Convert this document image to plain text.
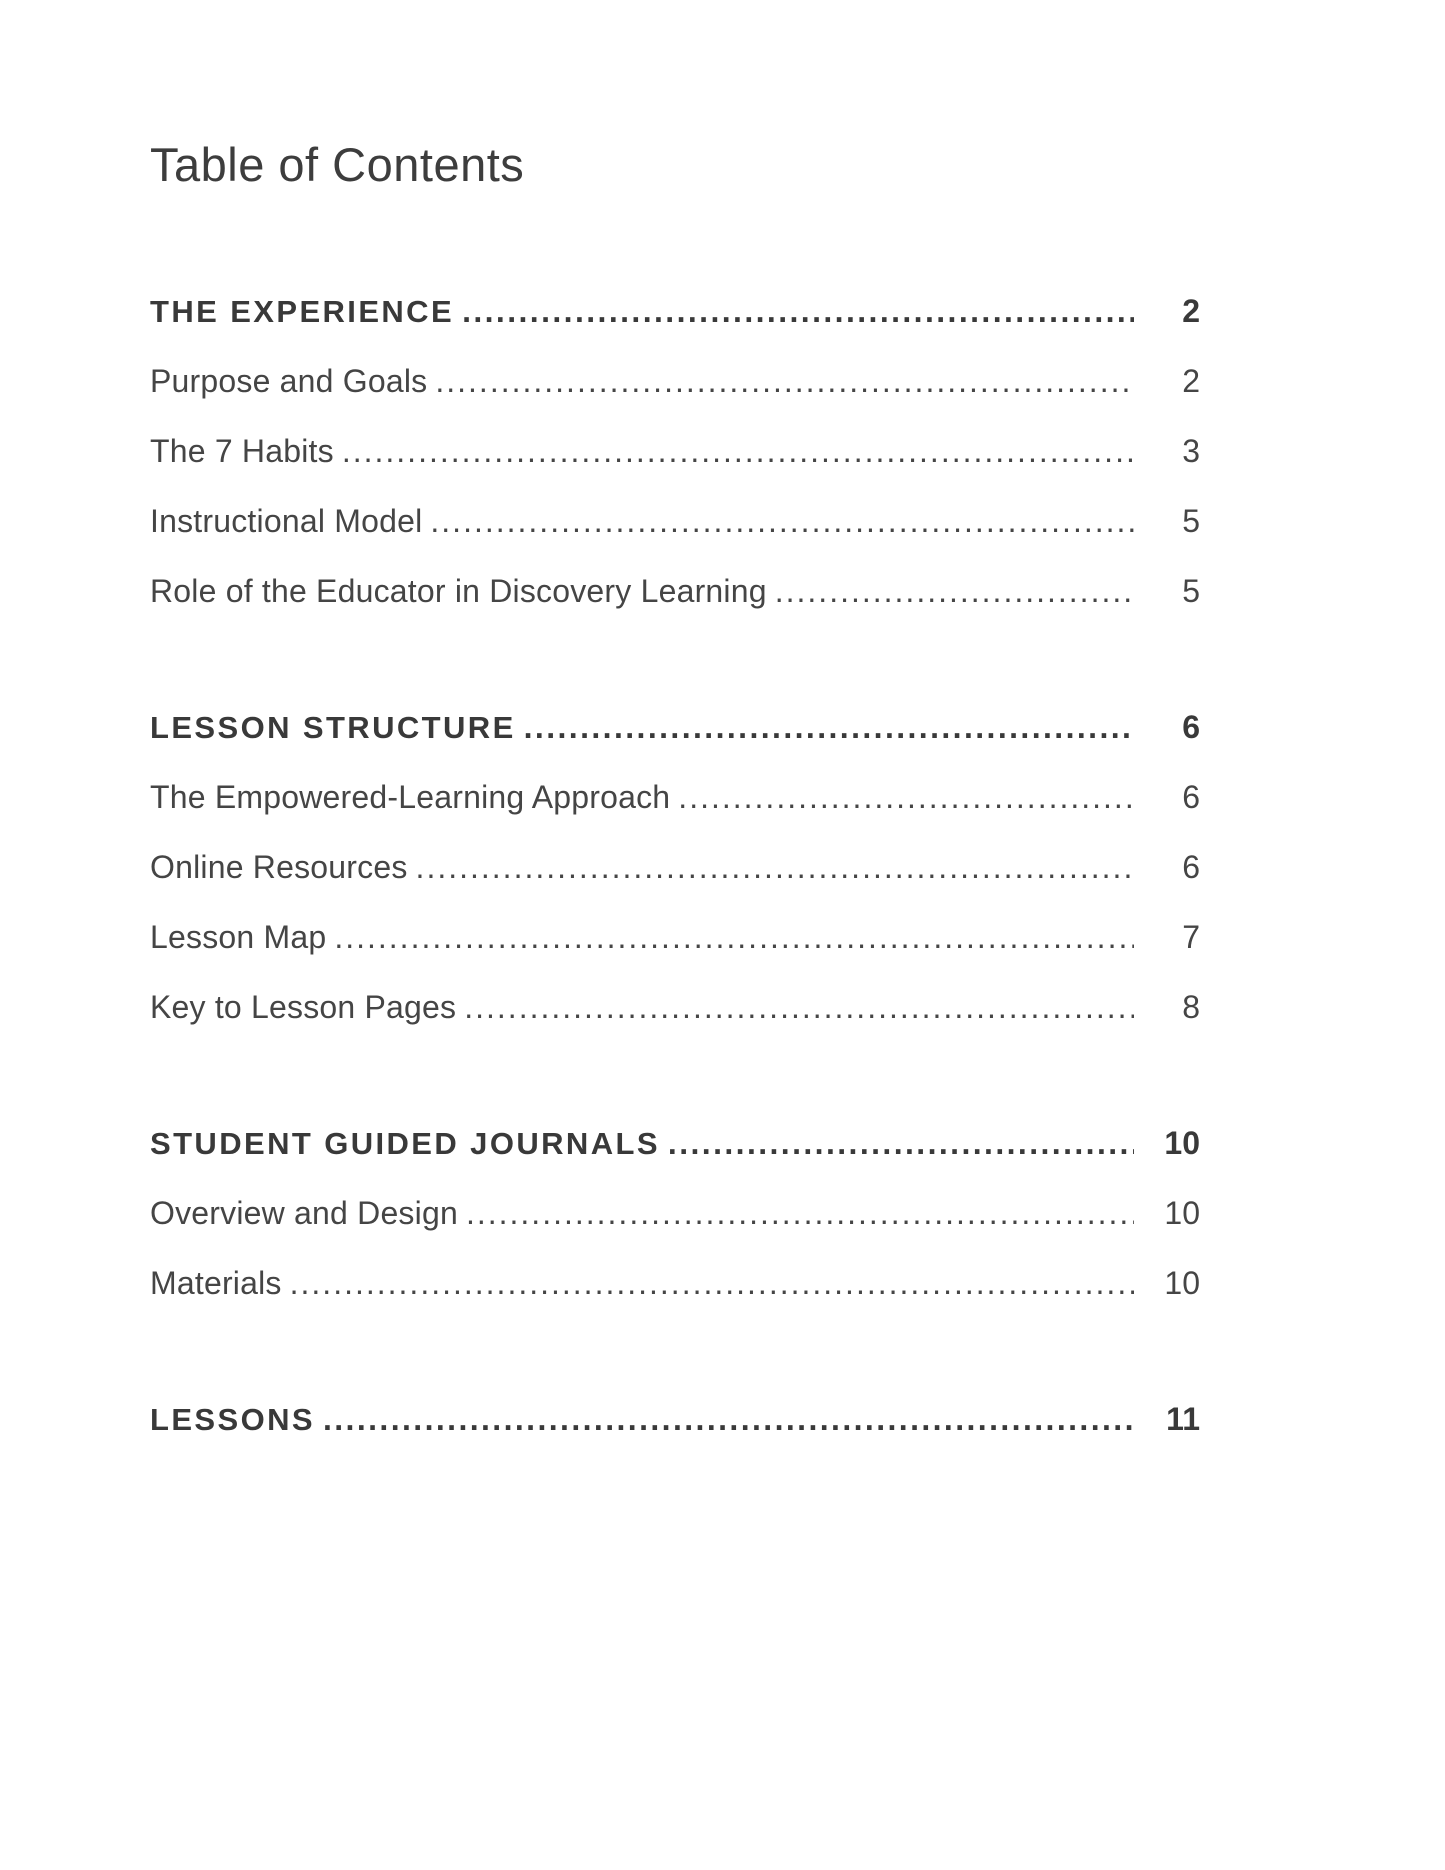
Table of Contents
THE EXPERIENCE .....	2
Purpose and Goals .....	2
The 7 Habits .....	3
Instructional Model .....	5
Role of the Educator in Discovery Learning .....	5
LESSON STRUCTURE .....	6
The Empowered-Learning Approach .....	6
Online Resources .....	6
Lesson Map .....	7
Key to Lesson Pages .....	8
STUDENT GUIDED JOURNALS .....	10
Overview and Design .....	10
Materials .....	10
LESSONS .....	11
